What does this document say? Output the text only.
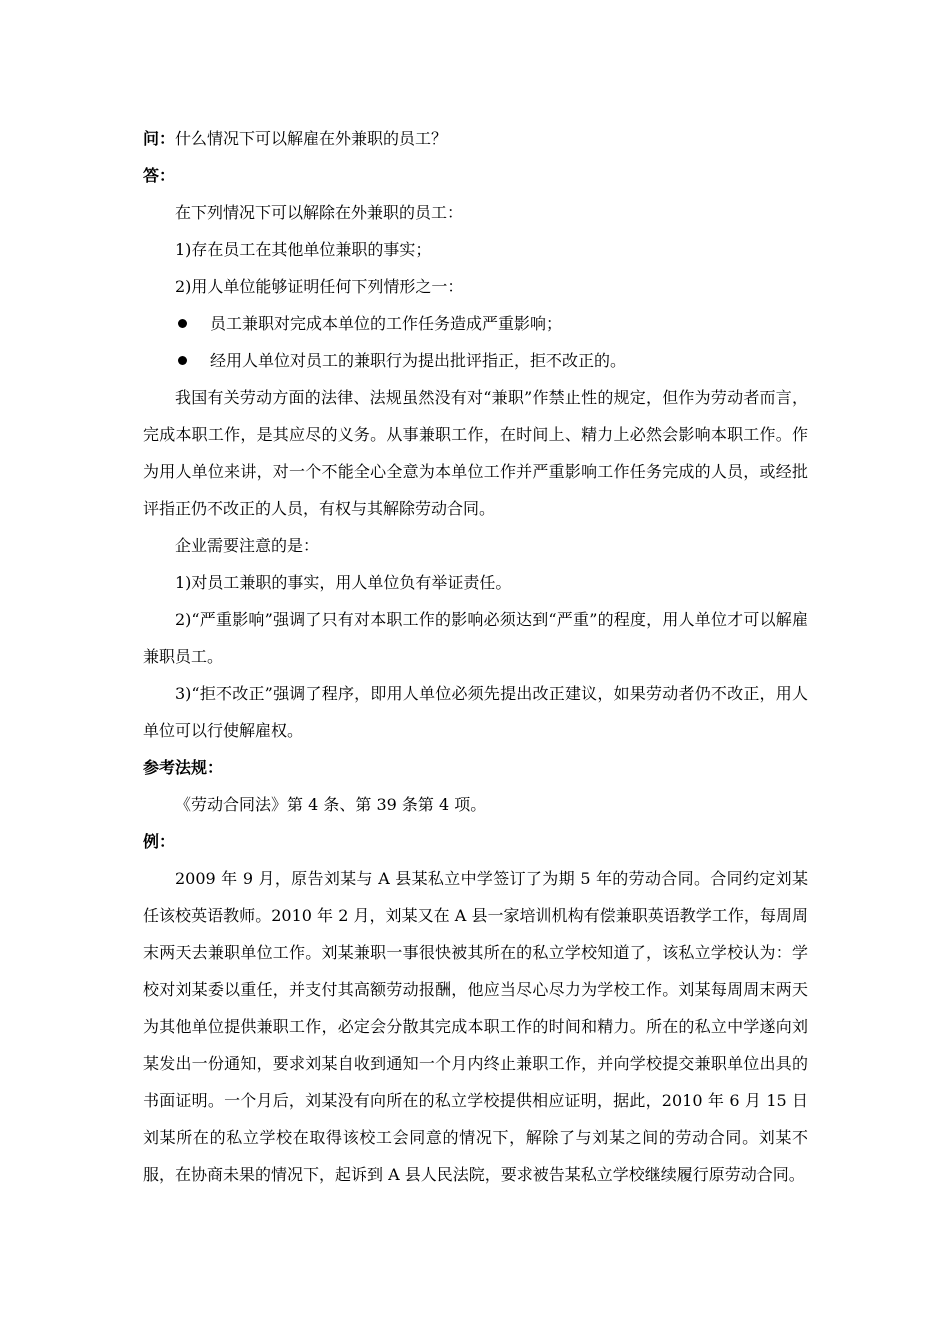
问：什么情况下可以解雇在外兼职的员工？
答：
在下列情况下可以解除在外兼职的员工：
1)存在员工在其他单位兼职的事实；
2)用人单位能够证明任何下列情形之一：
员工兼职对完成本单位的工作任务造成严重影响；
经用人单位对员工的兼职行为提出批评指正，拒不改正的。

我国有关劳动方面的法律、法规虽然没有对“兼职”作禁止性的规定，但作为劳动者而言，完成本职工作，是其应尽的义务。从事兼职工作，在时间上、精力上必然会影响本职工作。作为用人单位来讲，对一个不能全心全意为本单位工作并严重影响工作任务完成的人员，或经批评指正仍不改正的人员，有权与其解除劳动合同。

企业需要注意的是：
1)对员工兼职的事实，用人单位负有举证责任。

2)“严重影响”强调了只有对本职工作的影响必须达到“严重”的程度，用人单位才可以解雇兼职员工。

3)“拒不改正”强调了程序，即用人单位必须先提出改正建议，如果劳动者仍不改正，用人单位可以行使解雇权。

参考法规：
《劳动合同法》第 4 条、第 39 条第 4 项。
例：

2009 年 9 月，原告刘某与 A 县某私立中学签订了为期 5 年的劳动合同。合同约定刘某任该校英语教师。2010 年 2 月，刘某又在 A 县一家培训机构有偿兼职英语教学工作，每周周末两天去兼职单位工作。刘某兼职一事很快被其所在的私立学校知道了，该私立学校认为：学校对刘某委以重任，并支付其高额劳动报酬，他应当尽心尽力为学校工作。刘某每周周末两天为其他单位提供兼职工作，必定会分散其完成本职工作的时间和精力。所在的私立中学遂向刘某发出一份通知，要求刘某自收到通知一个月内终止兼职工作，并向学校提交兼职单位出具的书面证明。一个月后，刘某没有向所在的私立学校提供相应证明，据此，2010 年 6 月 15 日刘某所在的私立学校在取得该校工会同意的情况下，解除了与刘某之间的劳动合同。刘某不服，在协商未果的情况下，起诉到 A 县人民法院，要求被告某私立学校继续履行原劳动合同。
